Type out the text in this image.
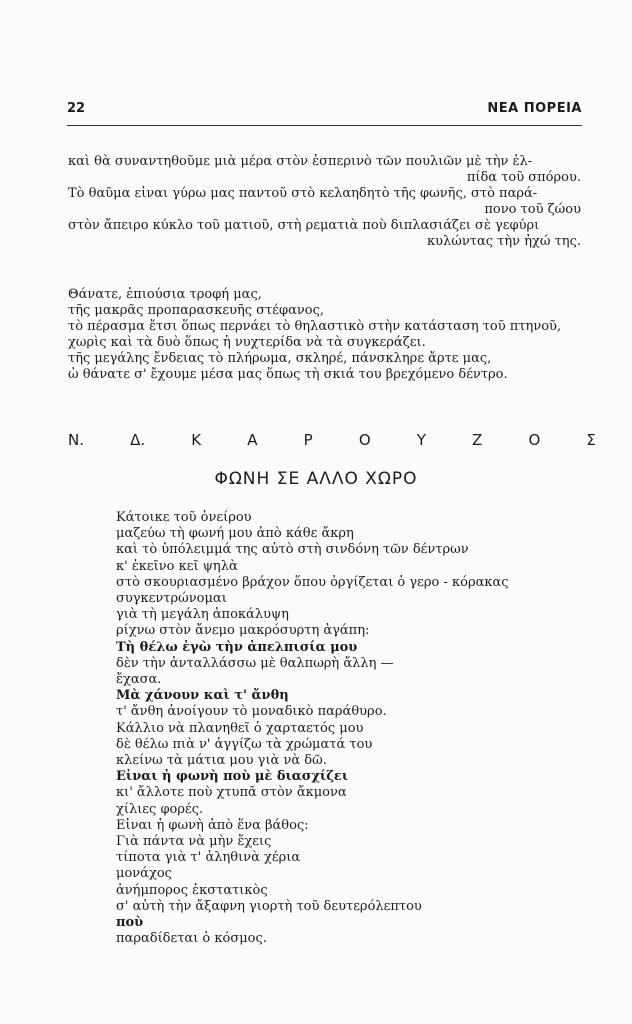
22	ΝΕΑ ΠΟΡΕΙΑ
καὶ θὰ συναντηθοῦμε μιὰ μέρα στὸν ἑσπερινὸ τῶν πουλιῶν μὲ τὴν ἐλ-
πίδα τοῦ σπόρου.
Τὸ θαῦμα εἶναι γύρω μας παντοῦ στὸ κελαηδητὸ τῆς φωνῆς, στὸ παρά-
πονο τοῦ ζώου
στὸν ἄπειρο κύκλο τοῦ ματιοῦ, στὴ ρεματιὰ ποὺ διπλασιάζει σὲ γεφύρι
κυλώντας τὴν ἠχώ της.
Θάνατε, ἐπιούσια τροφή μας,
τῆς μακρᾶς προπαρασκευῆς στέφανος,
τὸ πέρασμα ἔτσι ὅπως περνάει τὸ θηλαστικὸ στὴν κατάσταση τοῦ πτηνοῦ,
χωρὶς καὶ τὰ δυὸ ὅπως ἡ νυχτερίδα νὰ τὰ συγκεράζει.
τῆς μεγάλης ἔνδειας τὸ πλήρωμα, σκληρέ, πάνσκληρε ἄρτε μας,
ὦ θάνατε σ' ἔχουμε μέσα μας ὅπως τὴ σκιά του βρεχόμενο δέντρο.
Ν.	Δ.	Κ	Α	Ρ	Ο	Υ	Ζ	Ο	Σ
ΦΩΝΗ ΣΕ ΑΛΛΟ ΧΩΡΟ
Κάτοικε τοῦ ὀνείρου
μαζεύω τὴ φωνή μου ἀπὸ κάθε ἄκρη
καὶ τὸ ὑπόλειμμά της αὐτὸ στὴ σινδόνη τῶν δέντρων
κ' ἐκεῖνο κεῖ ψηλὰ
στὸ σκουριασμένο βράχον ὅπου ὀργίζεται ὁ γερο - κόρακας
συγκεντρώνομαι
γιὰ τὴ μεγάλη ἀποκάλυψη
ρίχνω στὸν ἄνεμο μακρόσυρτη ἀγάπη:
Τὴ θέλω ἐγὼ τὴν ἀπελπισία μου
δὲν τὴν ἀνταλλάσσω μὲ θαλπωρὴ ἄλλη —
ἔχασα.
Μὰ χάνουν καὶ τ' ἄνθη
τ' ἄνθη ἀνοίγουν τὸ μοναδικὸ παράθυρο.
Κάλλιο νὰ πλανηθεῖ ὁ χαρταετός μου
δὲ θέλω πιὰ ν' ἀγγίζω τὰ χρώματά του
κλείνω τὰ μάτια μου γιὰ νὰ δῶ.
Εἶναι ἡ φωνὴ ποὺ μὲ διασχίζει
κι' ἄλλοτε ποὺ χτυπᾶ στὸν ἄκμονα
χίλιες φορές.
Εἶναι ἡ φωνὴ ἀπὸ ἕνα βάθος:
Γιὰ πάντα νὰ μὴν ἔχεις
τίποτα γιὰ τ' ἀληθινὰ χέρια
μονάχος
ἀνήμπορος ἐκστατικὸς
σ' αὐτὴ τὴν ἄξαφνη γιορτὴ τοῦ δευτερόλεπτου
ποὺ
παραδίδεται ὁ κόσμος.
